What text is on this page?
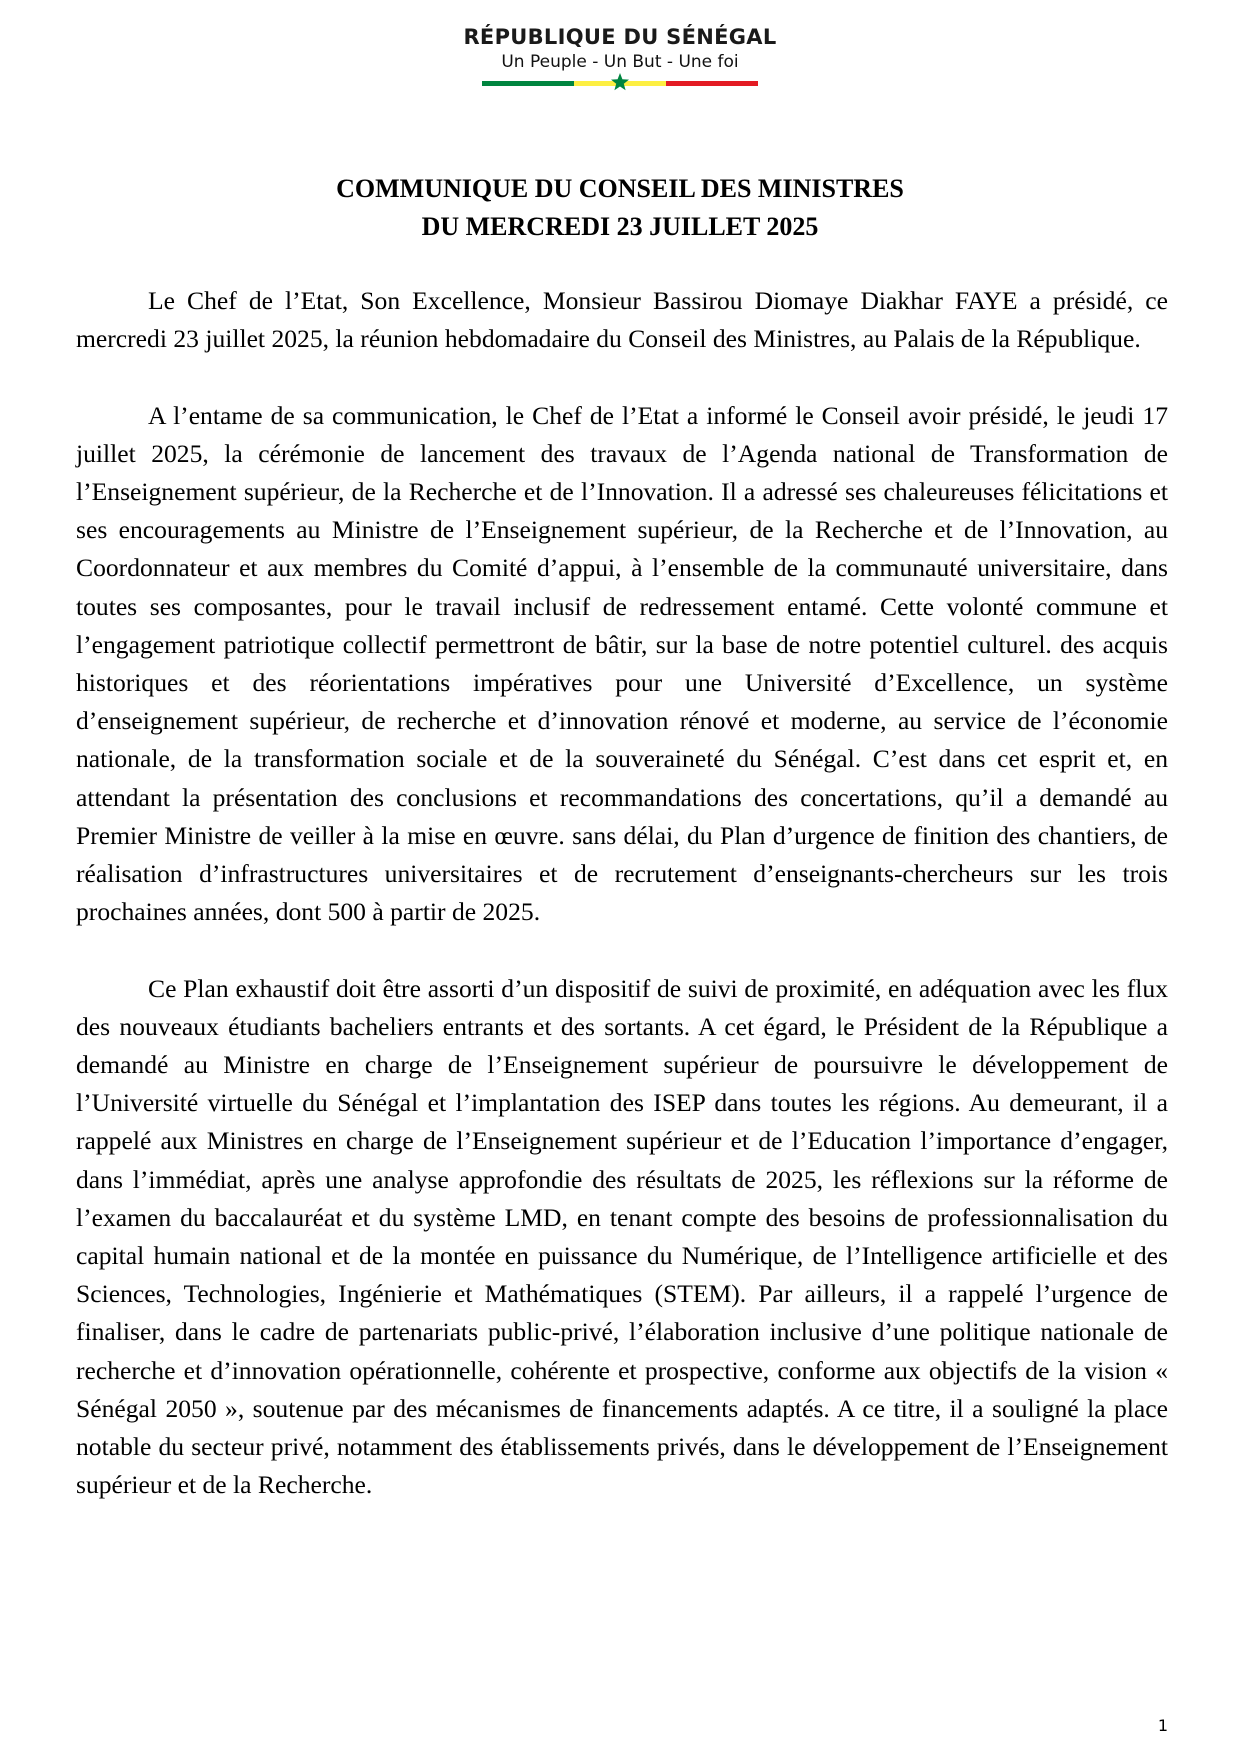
RÉPUBLIQUE DU SÉNÉGAL
Un Peuple - Un But - Une foi
COMMUNIQUE DU CONSEIL DES MINISTRES
DU MERCREDI 23 JUILLET 2025

Le Chef de l’Etat, Son Excellence, Monsieur Bassirou Diomaye Diakhar FAYE a présidé, ce mercredi 23 juillet 2025, la réunion hebdomadaire du Conseil des Ministres, au Palais de la République.

A l’entame de sa communication, le Chef de l’Etat a informé le Conseil avoir présidé, le jeudi 17 juillet 2025, la cérémonie de lancement des travaux de l’Agenda national de Transformation de l’Enseignement supérieur, de la Recherche et de l’Innovation. Il a adressé ses chaleureuses félicitations et ses encouragements au Ministre de l’Enseignement supérieur, de la Recherche et de l’Innovation, au Coordonnateur et aux membres du Comité d’appui, à l’ensemble de la communauté universitaire, dans toutes ses composantes, pour le travail inclusif de redressement entamé. Cette volonté commune et l’engagement patriotique collectif permettront de bâtir, sur la base de notre potentiel culturel. des acquis historiques et des réorientations impératives pour une Université d’Excellence, un système d’enseignement supérieur, de recherche et d’innovation rénové et moderne, au service de l’économie nationale, de la transformation sociale et de la souveraineté du Sénégal. C’est dans cet esprit et, en attendant la présentation des conclusions et recommandations des concertations, qu’il a demandé au Premier Ministre de veiller à la mise en œuvre. sans délai, du Plan d’urgence de finition des chantiers, de réalisation d’infrastructures universitaires et de recrutement d’enseignants-chercheurs sur les trois prochaines années, dont 500 à partir de 2025.

Ce Plan exhaustif doit être assorti d’un dispositif de suivi de proximité, en adéquation avec les flux des nouveaux étudiants bacheliers entrants et des sortants. A cet égard, le Président de la République a demandé au Ministre en charge de l’Enseignement supérieur de poursuivre le développement de l’Université virtuelle du Sénégal et l’implantation des ISEP dans toutes les régions. Au demeurant, il a rappelé aux Ministres en charge de l’Enseignement supérieur et de l’Education l’importance d’engager, dans l’immédiat, après une analyse approfondie des résultats de 2025, les réflexions sur la réforme de l’examen du baccalauréat et du système LMD, en tenant compte des besoins de professionnalisation du capital humain national et de la montée en puissance du Numérique, de l’Intelligence artificielle et des Sciences, Technologies, Ingénierie et Mathématiques (STEM). Par ailleurs, il a rappelé l’urgence de finaliser, dans le cadre de partenariats public-privé, l’élaboration inclusive d’une politique nationale de recherche et d’innovation opérationnelle, cohérente et prospective, conforme aux objectifs de la vision « Sénégal 2050 », soutenue par des mécanismes de financements adaptés. A ce titre, il a souligné la place notable du secteur privé, notamment des établissements privés, dans le développement de l’Enseignement supérieur et de la Recherche.

1
